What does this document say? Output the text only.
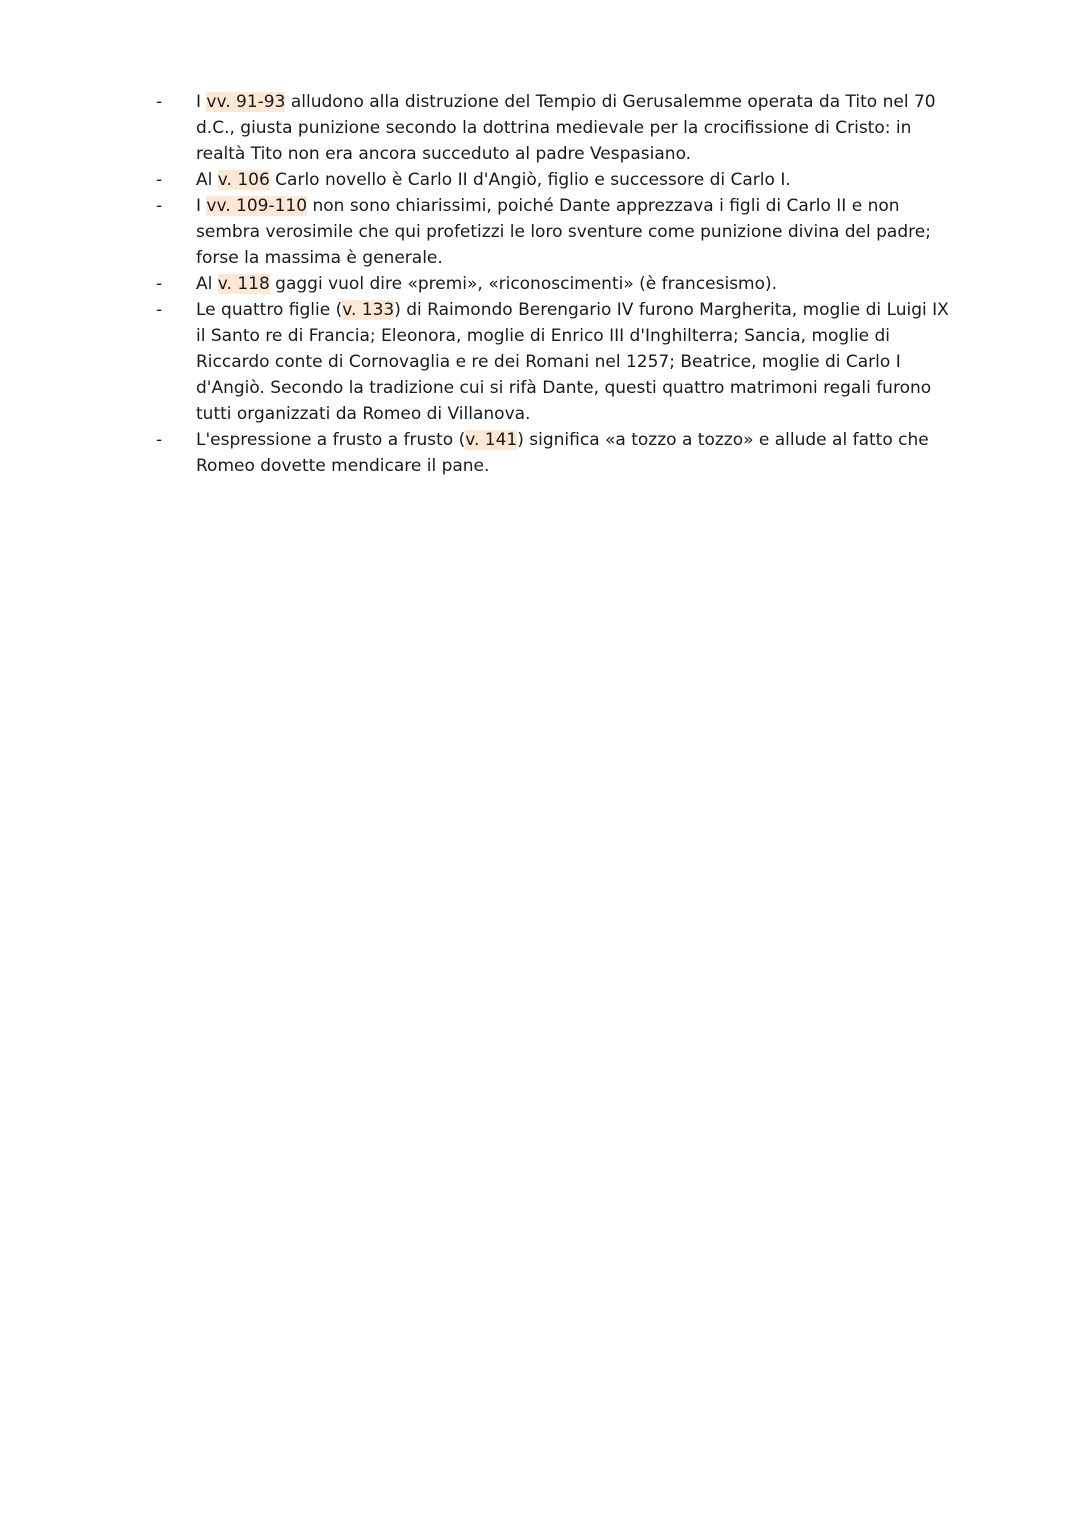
- I vv. 91-93 alludono alla distruzione del Tempio di Gerusalemme operata da Tito nel 70 d.C., giusta punizione secondo la dottrina medievale per la crocifissione di Cristo: in realtà Tito non era ancora succeduto al padre Vespasiano.
- Al v. 106 Carlo novello è Carlo II d'Angiò, figlio e successore di Carlo I.
- I vv. 109-110 non sono chiarissimi, poiché Dante apprezzava i figli di Carlo II e non sembra verosimile che qui profetizzi le loro sventure come punizione divina del padre; forse la massima è generale.
- Al v. 118 gaggi vuol dire «premi», «riconoscimenti» (è francesismo).
- Le quattro figlie (v. 133) di Raimondo Berengario IV furono Margherita, moglie di Luigi IX il Santo re di Francia; Eleonora, moglie di Enrico III d'Inghilterra; Sancia, moglie di Riccardo conte di Cornovaglia e re dei Romani nel 1257; Beatrice, moglie di Carlo I d'Angiò. Secondo la tradizione cui si rifà Dante, questi quattro matrimoni regali furono tutti organizzati da Romeo di Villanova.
- L'espressione a frusto a frusto (v. 141) significa «a tozzo a tozzo» e allude al fatto che Romeo dovette mendicare il pane.
